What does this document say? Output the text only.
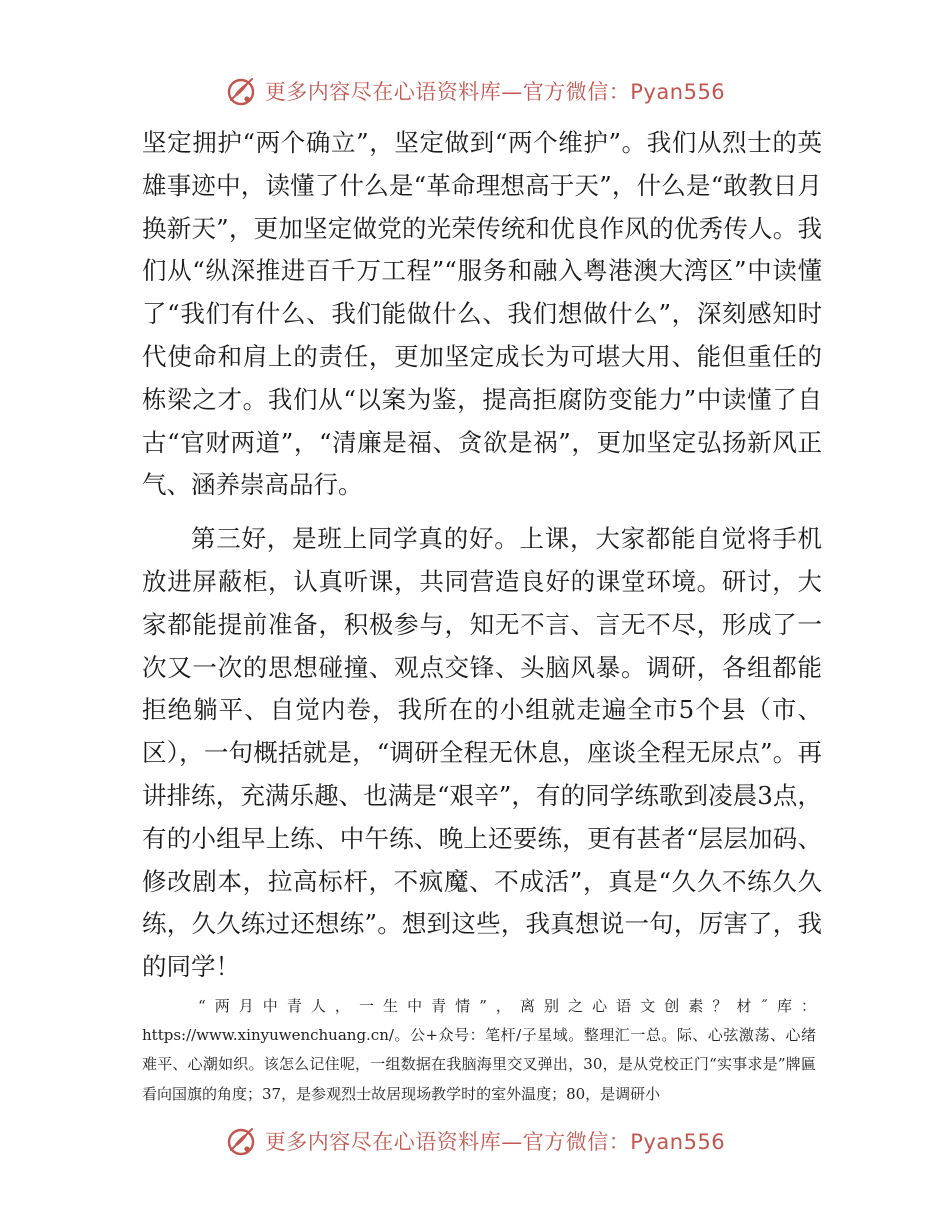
更多内容尽在心语资料库—官方微信：Pyan556

坚定拥护“两个确立”，坚定做到“两个维护”。我们从烈士的英雄事迹中，读懂了什么是“革命理想高于天”，什么是“敢教日月换新天”，更加坚定做党的光荣传统和优良作风的优秀传人。我们从“纵深推进百千万工程”“服务和融入粤港澳大湾区”中读懂了“我们有什么、我们能做什么、我们想做什么”，深刻感知时代使命和肩上的责任，更加坚定成长为可堪大用、能但重任的栋梁之才。我们从“以案为鉴，提高拒腐防变能力”中读懂了自古“官财两道”，“清廉是福、贪欲是祸”，更加坚定弘扬新风正气、涵养崇高品行。

第三好，是班上同学真的好。上课，大家都能自觉将手机放进屏蔽柜，认真听课，共同营造良好的课堂环境。研讨，大家都能提前准备，积极参与，知无不言、言无不尽，形成了一次又一次的思想碰撞、观点交锋、头脑风暴。调研，各组都能拒绝躺平、自觉内卷，我所在的小组就走遍全市5个县（市、区），一句概括就是，“调研全程无休息，座谈全程无尿点”。再讲排练，充满乐趣、也满是“艰辛”，有的同学练歌到凌晨3点，有的小组早上练、中午练、晚上还要练，更有甚者“层层加码、修改剧本，拉高标杆，不疯魔、不成活”，真是“久久不练久久练，久久练过还想练”。想到这些，我真想说一句，厉害了，我的同学！

“两月中青人，一生中青情”，离别之心语文创素？材˝库：https://www.xinyuwenchuang.cn/。公+众号：笔杆/子星域。整理汇一总。际、心弦激荡、心绪难平、心潮如织。该怎么记住呢，一组数据在我脑海里交叉弹出，30，是从党校正门“实事求是”牌匾看向国旗的角度；37，是参观烈士故居现场教学时的室外温度；80，是调研小
更多内容尽在心语资料库—官方微信：Pyan556
